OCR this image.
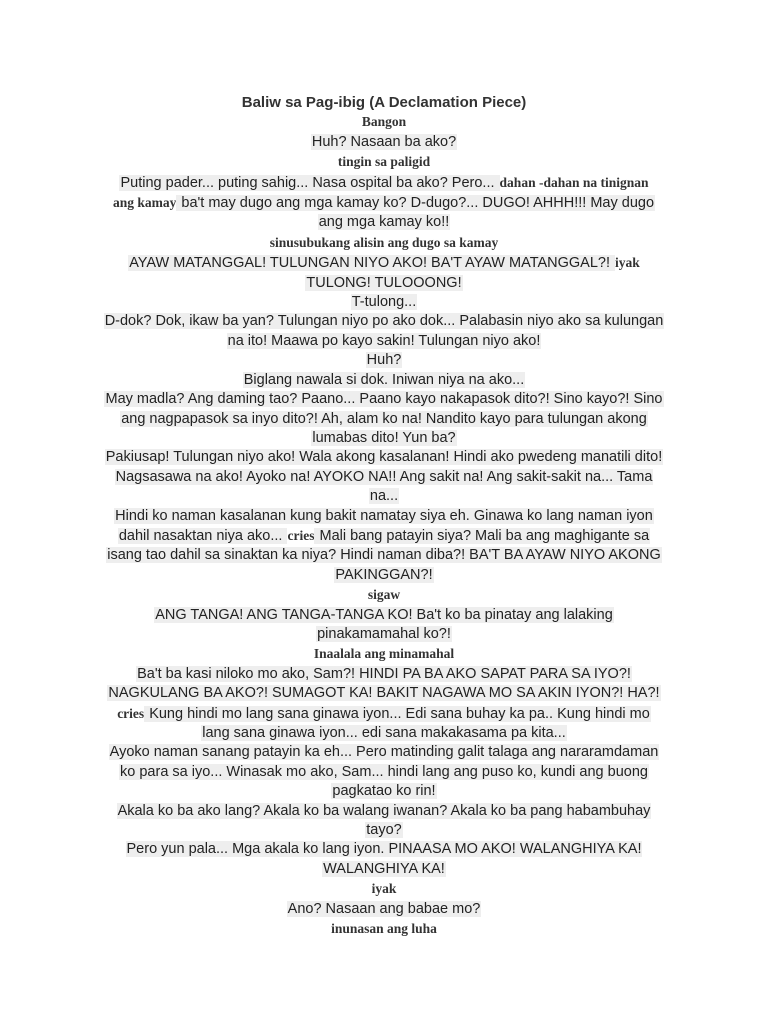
Baliw sa Pag-ibig (A Declamation Piece)

Bangon

Huh? Nasaan ba ako?

tingin sa paligid

Puting pader... puting sahig... Nasa ospital ba ako? Pero... dahan -dahan na tinignan

ang kamay ba't may dugo ang mga kamay ko? D-dugo?... DUGO! AHHH!!! May dugo

ang mga kamay ko!!

sinusubukang alisin ang dugo sa kamay

AYAW MATANGGAL! TULUNGAN NIYO AKO! BA'T AYAW MATANGGAL?! iyak

TULONG! TULOOONG!

T-tulong...

D-dok? Dok, ikaw ba yan? Tulungan niyo po ako dok... Palabasin niyo ako sa kulungan

na ito! Maawa po kayo sakin! Tulungan niyo ako!

Huh?

Biglang nawala si dok. Iniwan niya na ako...

May madla? Ang daming tao? Paano... Paano kayo nakapasok dito?! Sino kayo?! Sino

ang nagpapasok sa inyo dito?! Ah, alam ko na! Nandito kayo para tulungan akong

lumabas dito! Yun ba?

Pakiusap! Tulungan niyo ako! Wala akong kasalanan! Hindi ako pwedeng manatili dito!

Nagsasawa na ako! Ayoko na! AYOKO NA!! Ang sakit na! Ang sakit-sakit na... Tama

na...

Hindi ko naman kasalanan kung bakit namatay siya eh. Ginawa ko lang naman iyon

dahil nasaktan niya ako... cries Mali bang patayin siya? Mali ba ang maghigante sa

isang tao dahil sa sinaktan ka niya? Hindi naman diba?! BA'T BA AYAW NIYO AKONG

PAKINGGAN?!

sigaw

ANG TANGA! ANG TANGA-TANGA KO! Ba't ko ba pinatay ang lalaking

pinakamamahal ko?!

Inaalala ang minamahal

Ba't ba kasi niloko mo ako, Sam?! HINDI PA BA AKO SAPAT PARA SA IYO?!

NAGKULANG BA AKO?! SUMAGOT KA! BAKIT NAGAWA MO SA AKIN IYON?! HA?!

cries Kung hindi mo lang sana ginawa iyon... Edi sana buhay ka pa.. Kung hindi mo

lang sana ginawa iyon... edi sana makakasama pa kita...

Ayoko naman sanang patayin ka eh... Pero matinding galit talaga ang nararamdaman

ko para sa iyo... Winasak mo ako, Sam... hindi lang ang puso ko, kundi ang buong

pagkatao ko rin!

Akala ko ba ako lang? Akala ko ba walang iwanan? Akala ko ba pang habambuhay

tayo?

Pero yun pala... Mga akala ko lang iyon. PINAASA MO AKO! WALANGHIYA KA!

WALANGHIYA KA!

iyak

Ano? Nasaan ang babae mo?

inunasan ang luha
